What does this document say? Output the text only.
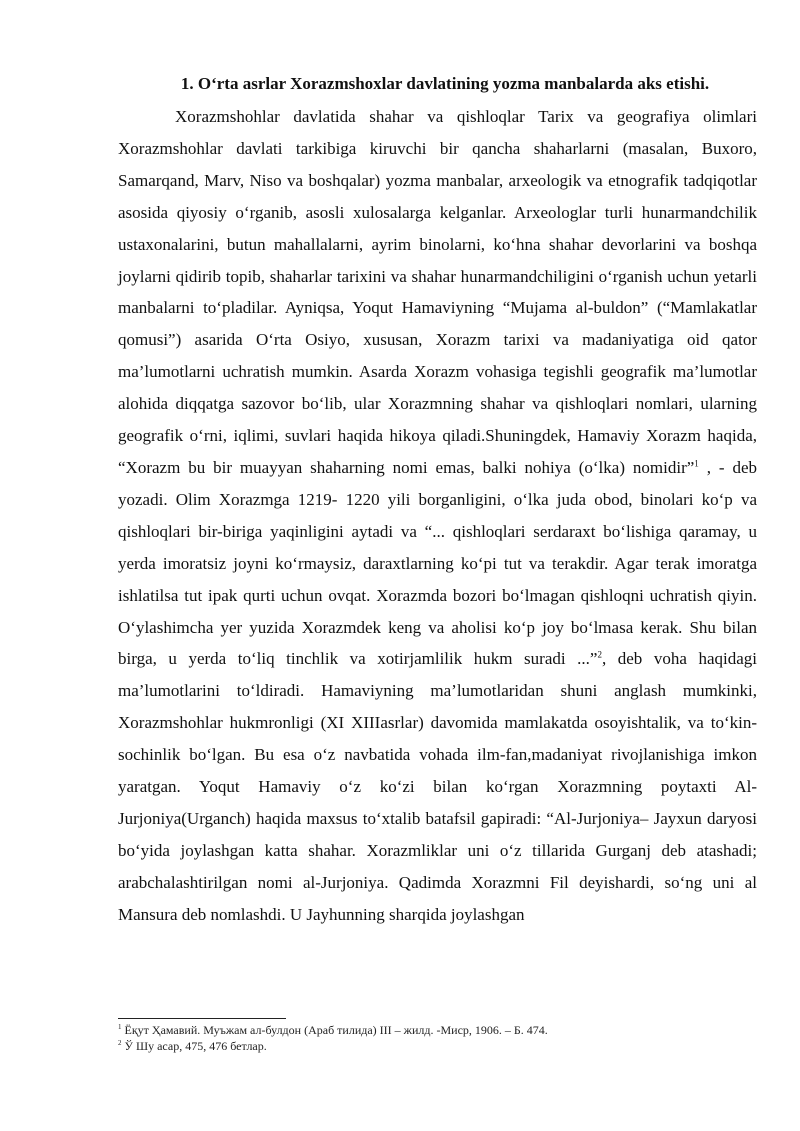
1. O‘rta asrlar Xorazmshoxlar davlatining yozma manbalarda aks etishi.

Xorazmshohlar davlatida shahar va qishloqlar Tarix va geografiya olimlari Xorazmshohlar davlati tarkibiga kiruvchi bir qancha shaharlarni (masalan, Buxoro, Samarqand, Marv, Niso va boshqalar) yozma manbalar, arxeologik va etnografik tadqiqotlar asosida qiyosiy o‘rganib, asosli xulosalarga kelganlar. Arxeologlar turli hunarmandchilik ustaxonalarini, butun mahallalarni, ayrim binolarni, ko‘hna shahar devorlarini va boshqa joylarni qidirib topib, shaharlar tarixini va shahar hunarmandchiligini o‘rganish uchun yetarli manbalarni to‘pladilar. Ayniqsa, Yoqut Hamaviyning “Mujama al-buldon” (“Mamlakatlar qomusi”) asarida O‘rta Osiyo, xususan, Xorazm tarixi va madaniyatiga oid qator ma’lumotlarni uchratish mumkin. Asarda Xorazm vohasiga tegishli geografik ma’lumotlar alohida diqqatga sazovor bo‘lib, ular Xorazmning shahar va qishloqlari nomlari, ularning geografik o‘rni, iqlimi, suvlari haqida hikoya qiladi.Shuningdek, Hamaviy Xorazm haqida, “Xorazm bu bir muayyan shaharning nomi emas, balki nohiya (o‘lka) nomidir”$^1$ , - deb yozadi. Olim Xorazmga 1219- 1220 yili borganligini, o‘lka juda obod, binolari ko‘p va qishloqlari bir-biriga yaqinligini aytadi va “... qishloqlari serdaraxt bo‘lishiga qaramay, u yerda imoratsiz joyni ko‘rmaysiz, daraxtlarning ko‘pi tut va terakdir. Agar terak imoratga ishlatilsa tut ipak qurti uchun ovqat. Xorazmda bozori bo‘lmagan qishloqni uchratish qiyin. O‘ylashimcha yer yuzida Xorazmdek keng va aholisi ko‘p joy bo‘lmasa kerak. Shu bilan birga, u yerda to‘liq tinchlik va xotirjamlilik hukm suradi ...”$^2$, deb voha haqidagi ma’lumotlarini to‘ldiradi. Hamaviyning ma’lumotlaridan shuni anglash mumkinki, Xorazmshohlar hukmronligi (XI XIIIasrlar) davomida mamlakatda osoyishtalik, va to‘kin-sochinlik bo‘lgan. Bu esa o‘z navbatida vohada ilm-fan,madaniyat rivojlanishiga imkon yaratgan. Yoqut Hamaviy o‘z ko‘zi bilan ko‘rgan Xorazmning poytaxti Al-Jurjoniya(Urganch) haqida maxsus to‘xtalib batafsil gapiradi: “Al-Jurjoniya– Jayxun daryosi bo‘yida joylashgan katta shahar. Xorazmliklar uni o‘z tillarida Gurganj deb atashadi; arabchalashtirilgan nomi al-Jurjoniya. Qadimda Xorazmni Fil deyishardi, so‘ng uni al Mansura deb nomlashdi. U Jayhunning sharqida joylashgan

$^1$ Ёқут Ҳамавий. Муъжам ал-булдон (Араб тилида) III – жилд. -Миср, 1906. – Б. 474.
$^2$ Ў Шу асар, 475, 476 бетлар.
